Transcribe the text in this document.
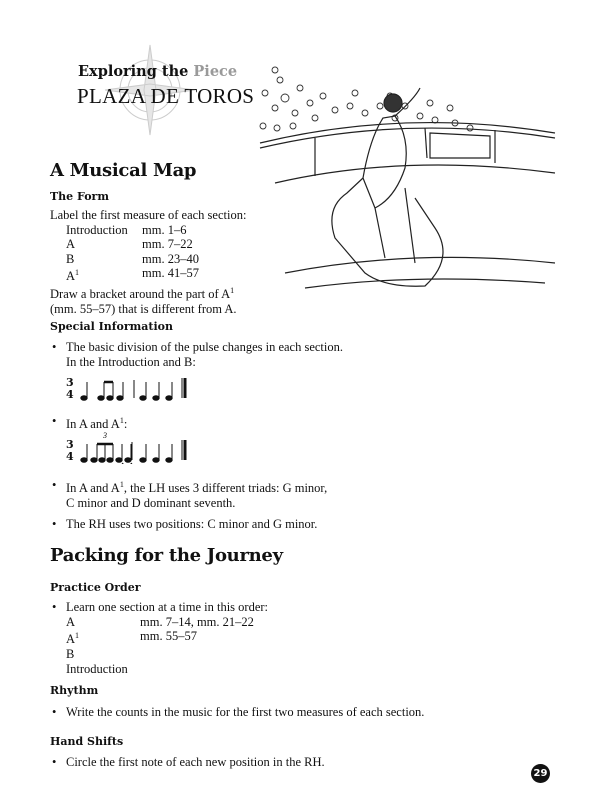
Exploring the Piece
PLAZA DE TOROS
A Musical Map
The Form
Label the first measure of each section:
Introduction	mm. 1–6
A	mm. 7–22
B	mm. 23–40
$A^1$	mm. 41–57
Draw a bracket around the part of $A^1$
(mm. 55–57) that is different from A.
Special Information
• The basic division of the pulse changes in each section.
In the Introduction and B:
3
4
• In A and $A^1$:
3
3
4
• In A and $A^1$, the LH uses 3 different triads: G minor,
C minor and D dominant seventh.
• The RH uses two positions: C minor and G minor.
Packing for the Journey
Practice Order
• Learn one section at a time in this order:
A	mm. 7–14, mm. 21–22
$A^1$	mm. 55–57
B
Introduction
Rhythm
• Write the counts in the music for the first two measures of each section.
Hand Shifts
• Circle the first note of each new position in the RH.
29
